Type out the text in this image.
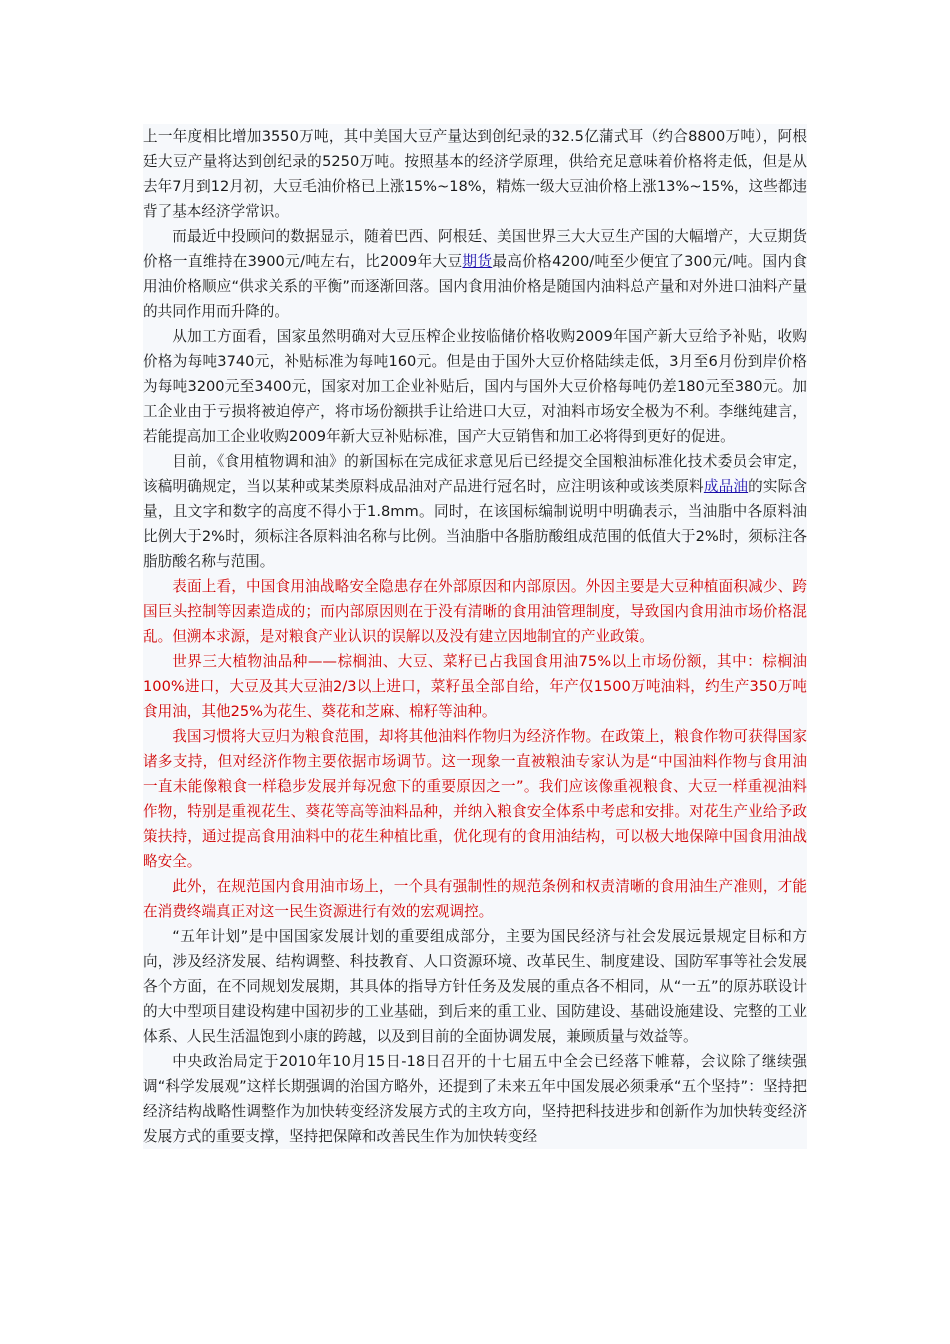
上一年度相比增加3550万吨，其中美国大豆产量达到创纪录的32.5亿蒲式耳（约合8800万吨），阿根廷大豆产量将达到创纪录的5250万吨。按照基本的经济学原理，供给充足意味着价格将走低，但是从去年7月到12月初，大豆毛油价格已上涨15%~18%，精炼一级大豆油价格上涨13%~15%，这些都违背了基本经济学常识。

而最近中投顾问的数据显示，随着巴西、阿根廷、美国世界三大大豆生产国的大幅增产，大豆期货价格一直维持在3900元/吨左右，比2009年大豆期货最高价格4200/吨至少便宜了300元/吨。国内食用油价格顺应“供求关系的平衡”而逐渐回落。国内食用油价格是随国内油料总产量和对外进口油料产量的共同作用而升降的。

从加工方面看，国家虽然明确对大豆压榨企业按临储价格收购2009年国产新大豆给予补贴，收购价格为每吨3740元，补贴标准为每吨160元。但是由于国外大豆价格陆续走低，3月至6月份到岸价格为每吨3200元至3400元，国家对加工企业补贴后，国内与国外大豆价格每吨仍差180元至380元。加工企业由于亏损将被迫停产，将市场份额拱手让给进口大豆，对油料市场安全极为不利。李继纯建言，若能提高加工企业收购2009年新大豆补贴标准，国产大豆销售和加工必将得到更好的促进。

目前，《食用植物调和油》的新国标在完成征求意见后已经提交全国粮油标准化技术委员会审定，该稿明确规定，当以某种或某类原料成品油对产品进行冠名时，应注明该种或该类原料成品油的实际含量，且文字和数字的高度不得小于1.8mm。同时，在该国标编制说明中明确表示，当油脂中各原料油比例大于2%时，须标注各原料油名称与比例。当油脂中各脂肪酸组成范围的低值大于2%时，须标注各脂肪酸名称与范围。

表面上看，中国食用油战略安全隐患存在外部原因和内部原因。外因主要是大豆种植面积减少、跨国巨头控制等因素造成的；而内部原因则在于没有清晰的食用油管理制度，导致国内食用油市场价格混乱。但溯本求源，是对粮食产业认识的误解以及没有建立因地制宜的产业政策。

世界三大植物油品种——棕榈油、大豆、菜籽已占我国食用油75%以上市场份额，其中：棕榈油100%进口，大豆及其大豆油2/3以上进口，菜籽虽全部自给，年产仅1500万吨油料，约生产350万吨食用油，其他25%为花生、葵花和芝麻、棉籽等油种。

我国习惯将大豆归为粮食范围，却将其他油料作物归为经济作物。在政策上，粮食作物可获得国家诸多支持，但对经济作物主要依据市场调节。这一现象一直被粮油专家认为是“中国油料作物与食用油一直未能像粮食一样稳步发展并每况愈下的重要原因之一”。我们应该像重视粮食、大豆一样重视油料作物，特别是重视花生、葵花等高等油料品种，并纳入粮食安全体系中考虑和安排。对花生产业给予政策扶持，通过提高食用油料中的花生种植比重，优化现有的食用油结构，可以极大地保障中国食用油战略安全。

此外，在规范国内食用油市场上，一个具有强制性的规范条例和权责清晰的食用油生产准则，才能在消费终端真正对这一民生资源进行有效的宏观调控。

“五年计划”是中国国家发展计划的重要组成部分，主要为国民经济与社会发展远景规定目标和方向，涉及经济发展、结构调整、科技教育、人口资源环境、改革民生、制度建设、国防军事等社会发展各个方面，在不同规划发展期，其具体的指导方针任务及发展的重点各不相同，从“一五”的原苏联设计的大中型项目建设构建中国初步的工业基础，到后来的重工业、国防建设、基础设施建设、完整的工业体系、人民生活温饱到小康的跨越，以及到目前的全面协调发展，兼顾质量与效益等。

中央政治局定于2010年10月15日-18日召开的十七届五中全会已经落下帷幕，会议除了继续强调“科学发展观”这样长期强调的治国方略外，还提到了未来五年中国发展必须秉承“五个坚持”：坚持把经济结构战略性调整作为加快转变经济发展方式的主攻方向，坚持把科技进步和创新作为加快转变经济发展方式的重要支撑，坚持把保障和改善民生作为加快转变经
